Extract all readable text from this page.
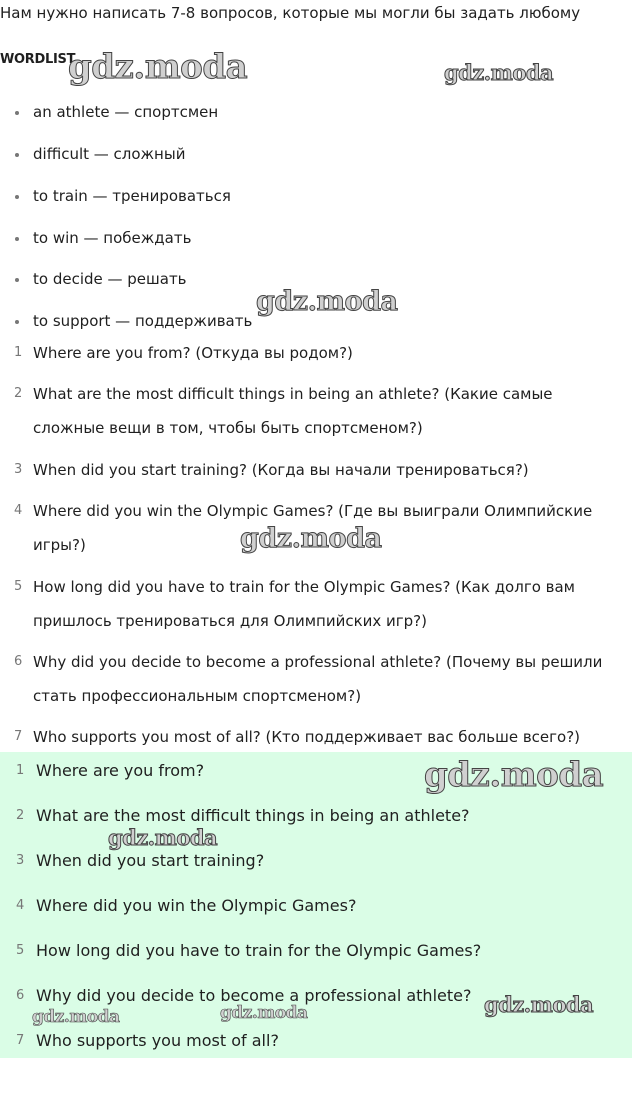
Нам нужно написать 7-8 вопросов, которые мы могли бы задать любому
WORDLIST
an athlete — спортсмен
difficult — сложный
to train — тренироваться
to win — побеждать
to decide — решать
to support — поддерживать
1 Where are you from? (Откуда вы родом?)
2 What are the most difficult things in being an athlete? (Какие самые
сложные вещи в том, чтобы быть спортсменом?)
3 When did you start training? (Когда вы начали тренироваться?)
4 Where did you win the Olympic Games? (Где вы выиграли Олимпийские
игры?)
5 How long did you have to train for the Olympic Games? (Как долго вам
пришлось тренироваться для Олимпийских игр?)
6 Why did you decide to become a professional athlete? (Почему вы решили
стать профессиональным спортсменом?)
7 Who supports you most of all? (Кто поддерживает вас больше всего?)
1 Where are you from?
2 What are the most difficult things in being an athlete?
3 When did you start training?
4 Where did you win the Olympic Games?
5 How long did you have to train for the Olympic Games?
6 Why did you decide to become a professional athlete?
7 Who supports you most of all?
gdz.moda	gdz.moda
gdz.moda
gdz.moda
gdz.moda
gdz.moda
gdz.moda
gdz.moda	gdz.moda
